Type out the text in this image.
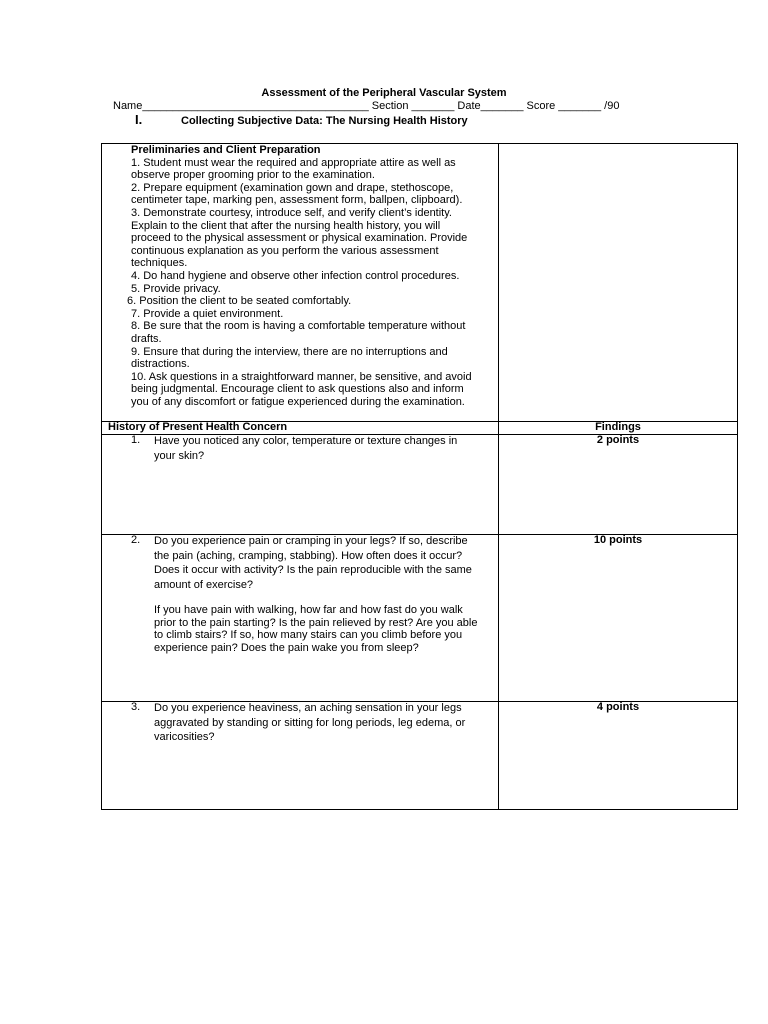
Assessment of the Peripheral Vascular System
Name_____________________________________ Section _______ Date_______ Score _______ /90
I.	Collecting Subjective Data: The Nursing Health History
Preliminaries and Client Preparation
1. Student must wear the required and appropriate attire as well as
observe proper grooming prior to the examination.
2. Prepare equipment (examination gown and drape, stethoscope,
centimeter tape, marking pen, assessment form, ballpen, clipboard).
3. Demonstrate courtesy, introduce self, and verify client’s identity.
Explain to the client that after the nursing health history, you will
proceed to the physical assessment or physical examination. Provide
continuous explanation as you perform the various assessment
techniques.
4. Do hand hygiene and observe other infection control procedures.
5. Provide privacy.
6. Position the client to be seated comfortably.
7. Provide a quiet environment.
8. Be sure that the room is having a comfortable temperature without
drafts.
9. Ensure that during the interview, there are no interruptions and
distractions.
10. Ask questions in a straightforward manner, be sensitive, and avoid
being judgmental. Encourage client to ask questions also and inform
you of any discomfort or fatigue experienced during the examination.
History of Present Health Concern	Findings
1. Have you noticed any color, temperature or texture changes in
your skin?
2 points
2. Do you experience pain or cramping in your legs? If so, describe
the pain (aching, cramping, stabbing). How often does it occur?
Does it occur with activity? Is the pain reproducible with the same
amount of exercise?
If you have pain with walking, how far and how fast do you walk
prior to the pain starting? Is the pain relieved by rest? Are you able
to climb stairs? If so, how many stairs can you climb before you
experience pain? Does the pain wake you from sleep?
10 points
3. Do you experience heaviness, an aching sensation in your legs
aggravated by standing or sitting for long periods, leg edema, or
varicosities?
4 points
